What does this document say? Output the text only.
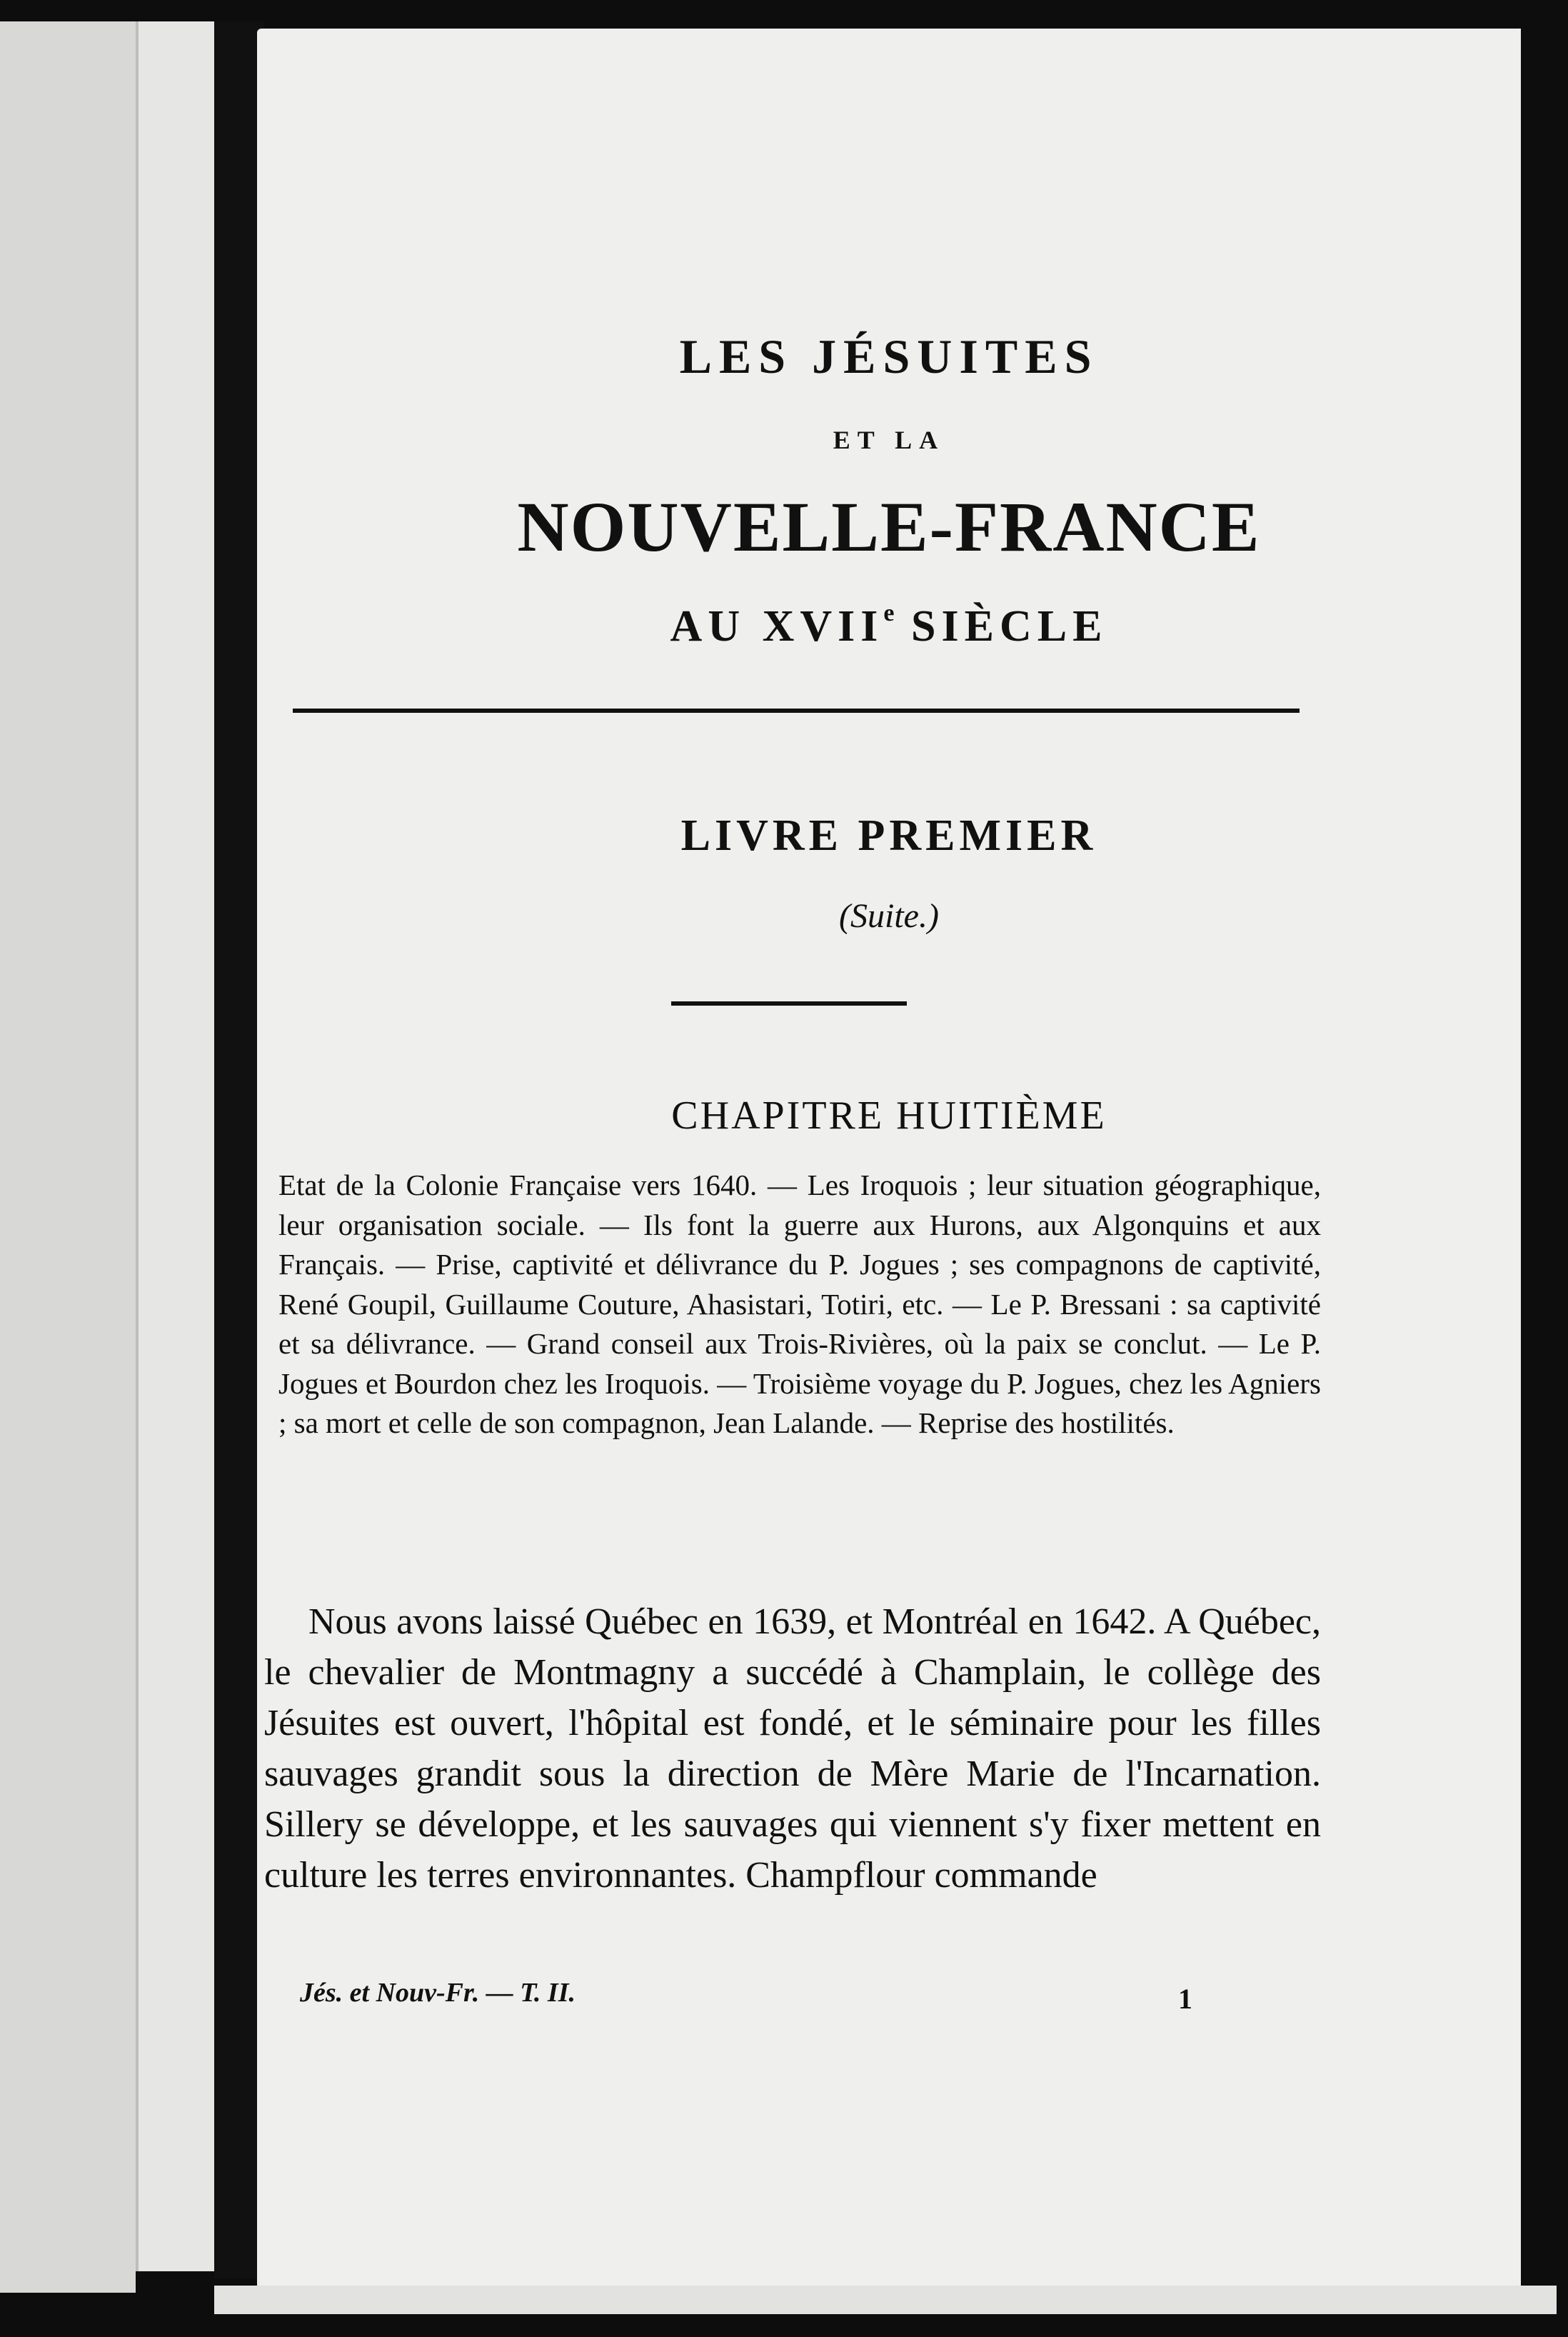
LES JÉSUITES
ET LA
NOUVELLE-FRANCE
AU XVIIe SIÈCLE
LIVRE PREMIER
(Suite.)
CHAPITRE HUITIÈME
Etat de la Colonie Française vers 1640. — Les Iroquois ; leur situation géographique, leur organisation sociale. — Ils font la guerre aux Hurons, aux Algonquins et aux Français. — Prise, captivité et délivrance du P. Jogues ; ses compagnons de captivité, René Goupil, Guillaume Couture, Ahasistari, Totiri, etc. — Le P. Bressani : sa captivité et sa délivrance. — Grand conseil aux Trois-Rivières, où la paix se conclut. — Le P. Jogues et Bourdon chez les Iroquois. — Troisième voyage du P. Jogues, chez les Agniers ; sa mort et celle de son compagnon, Jean Lalande. — Reprise des hostilités.
Nous avons laissé Québec en 1639, et Montréal en 1642. A Québec, le chevalier de Montmagny a succédé à Champlain, le collège des Jésuites est ouvert, l'hôpital est fondé, et le séminaire pour les filles sauvages grandit sous la direction de Mère Marie de l'Incarnation. Sillery se développe, et les sauvages qui viennent s'y fixer mettent en culture les terres environnantes. Champflour commande
Jés. et Nouv-Fr. — T. II.	1
